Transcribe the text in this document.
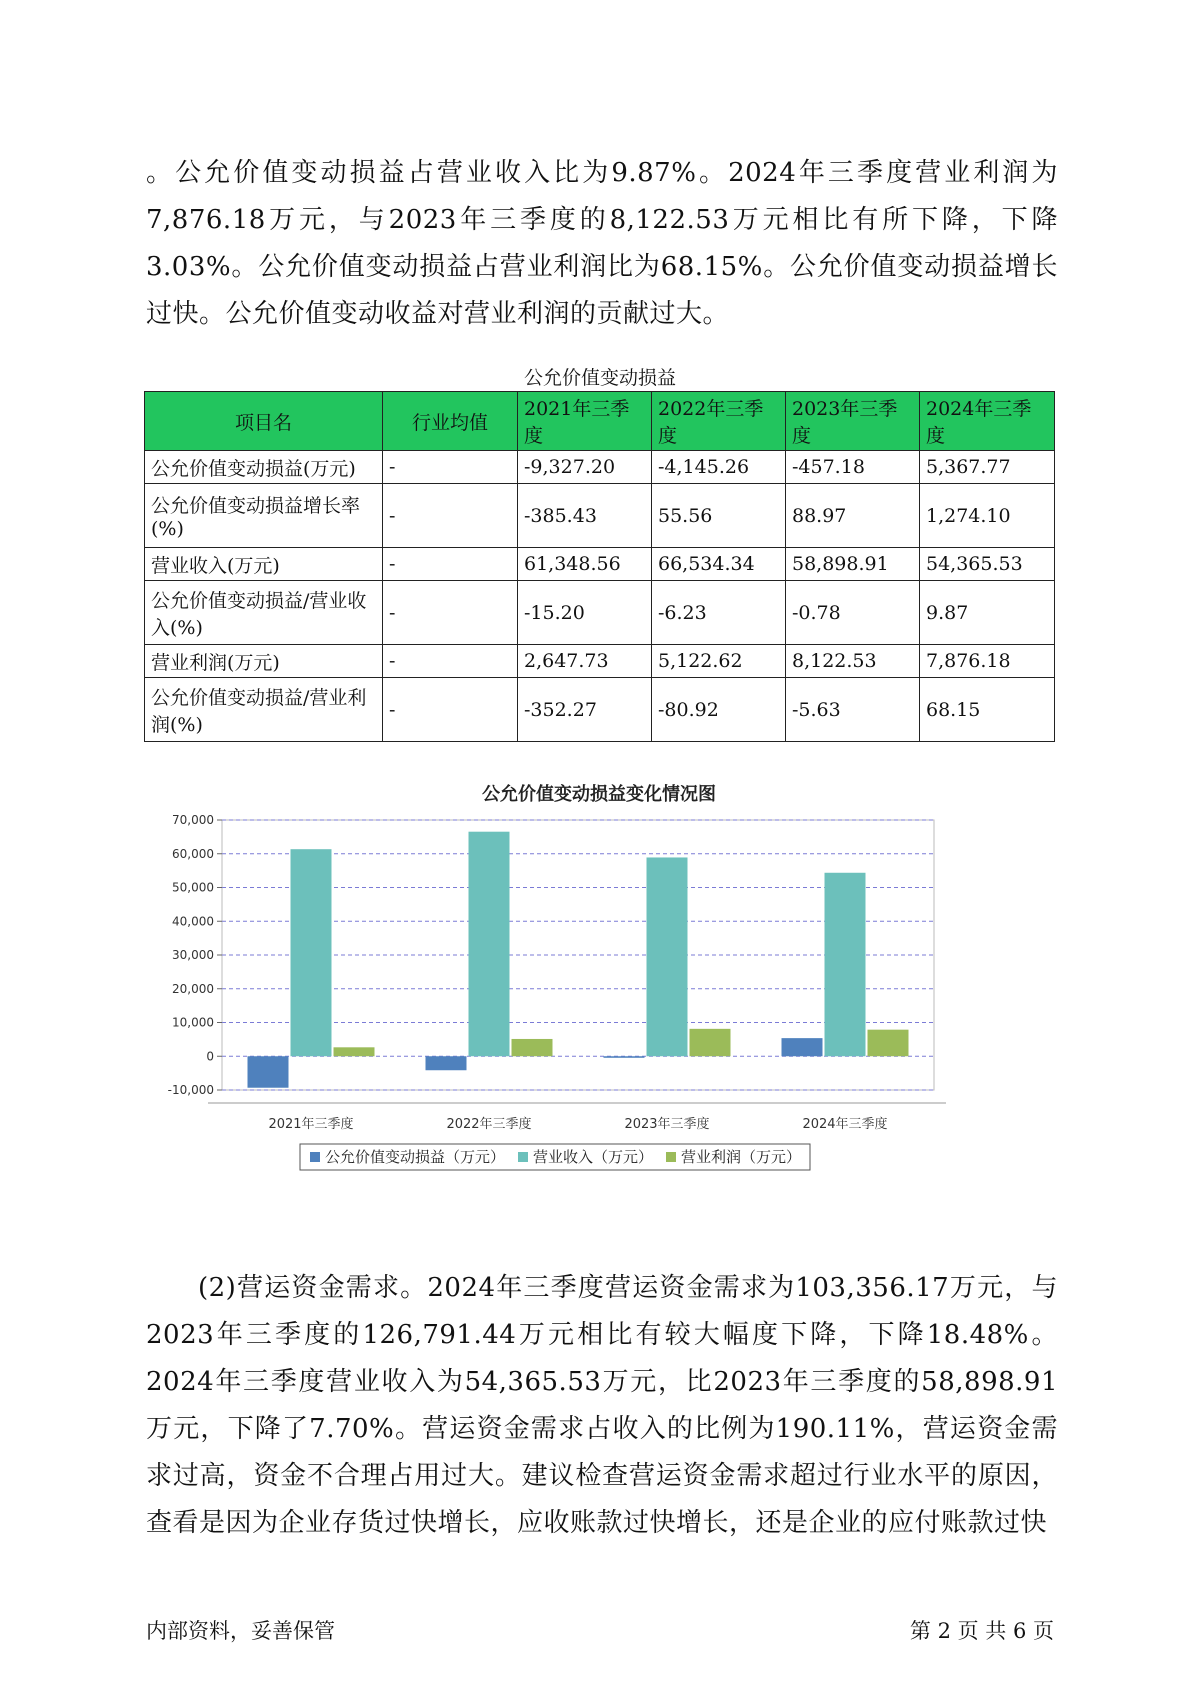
。公允价值变动损益占营业收入比为9.87%。2024年三季度营业利润为7,876.18万元，与2023年三季度的8,122.53万元相比有所下降，下降3.03%。公允价值变动损益占营业利润比为68.15%。公允价值变动损益增长过快。公允价值变动收益对营业利润的贡献过大。

公允价值变动损益
项目名	行业均值	2021年三季度	2022年三季度	2023年三季度	2024年三季度
公允价值变动损益(万元)	-	-9,327.20	-4,145.26	-457.18	5,367.77
公允价值变动损益增长率(%)	-	-385.43	55.56	88.97	1,274.10
营业收入(万元)	-	61,348.56	66,534.34	58,898.91	54,365.53
公允价值变动损益/营业收入(%)	-	-15.20	-6.23	-0.78	9.87
营业利润(万元)	-	2,647.73	5,122.62	8,122.53	7,876.18
公允价值变动损益/营业利润(%)	-	-352.27	-80.92	-5.63	68.15
公允价值变动损益变化情况图
-10,000
0
10,000
20,000
30,000
40,000
50,000
60,000
70,000
2021年三季度	2022年三季度	2023年三季度	2024年三季度
公允价值变动损益（万元） 营业收入（万元） 营业利润（万元）

(2)营运资金需求。2024年三季度营运资金需求为103,356.17万元，与2023年三季度的126,791.44万元相比有较大幅度下降，下降18.48%。2024年三季度营业收入为54,365.53万元，比2023年三季度的58,898.91万元，下降了7.70%。营运资金需求占收入的比例为190.11%，营运资金需求过高，资金不合理占用过大。建议检查营运资金需求超过行业水平的原因，查看是因为企业存货过快增长，应收账款过快增长，还是企业的应付账款过快

内部资料，妥善保管	第 2 页 共 6 页
